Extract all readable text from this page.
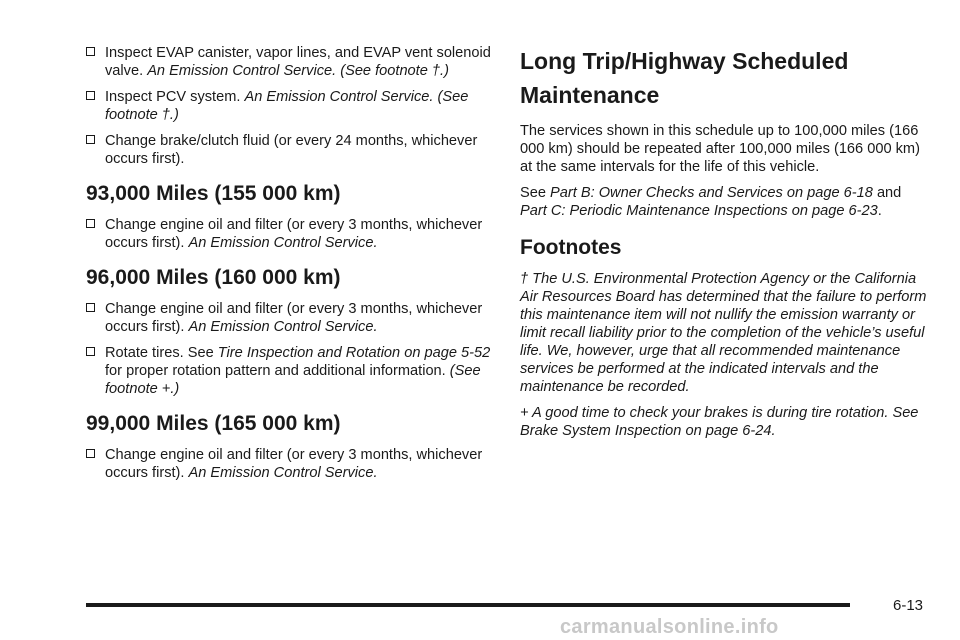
Inspect EVAP canister, vapor lines, and EVAP vent solenoid valve. An Emission Control Service. (See footnote †.)
Inspect PCV system. An Emission Control Service. (See footnote †.)
Change brake/clutch fluid (or every 24 months, whichever occurs first).
93,000 Miles (155 000 km)
Change engine oil and filter (or every 3 months, whichever occurs first). An Emission Control Service.
96,000 Miles (160 000 km)
Change engine oil and filter (or every 3 months, whichever occurs first). An Emission Control Service.
Rotate tires. See Tire Inspection and Rotation on page 5-52 for proper rotation pattern and additional information. (See footnote +.)
99,000 Miles (165 000 km)
Change engine oil and filter (or every 3 months, whichever occurs first). An Emission Control Service.
Long Trip/Highway Scheduled
Maintenance

The services shown in this schedule up to 100,000 miles (166 000 km) should be repeated after 100,000 miles (166 000 km) at the same intervals for the life of this vehicle.

See Part B: Owner Checks and Services on page 6-18 and Part C: Periodic Maintenance Inspections on page 6-23.

Footnotes

† The U.S. Environmental Protection Agency or the California Air Resources Board has determined that the failure to perform this maintenance item will not nullify the emission warranty or limit recall liability prior to the completion of the vehicle’s useful life. We, however, urge that all recommended maintenance services be performed at the indicated intervals and the maintenance be recorded.

+ A good time to check your brakes is during tire rotation. See Brake System Inspection on page 6-24.

6-13
carmanualsonline.info
